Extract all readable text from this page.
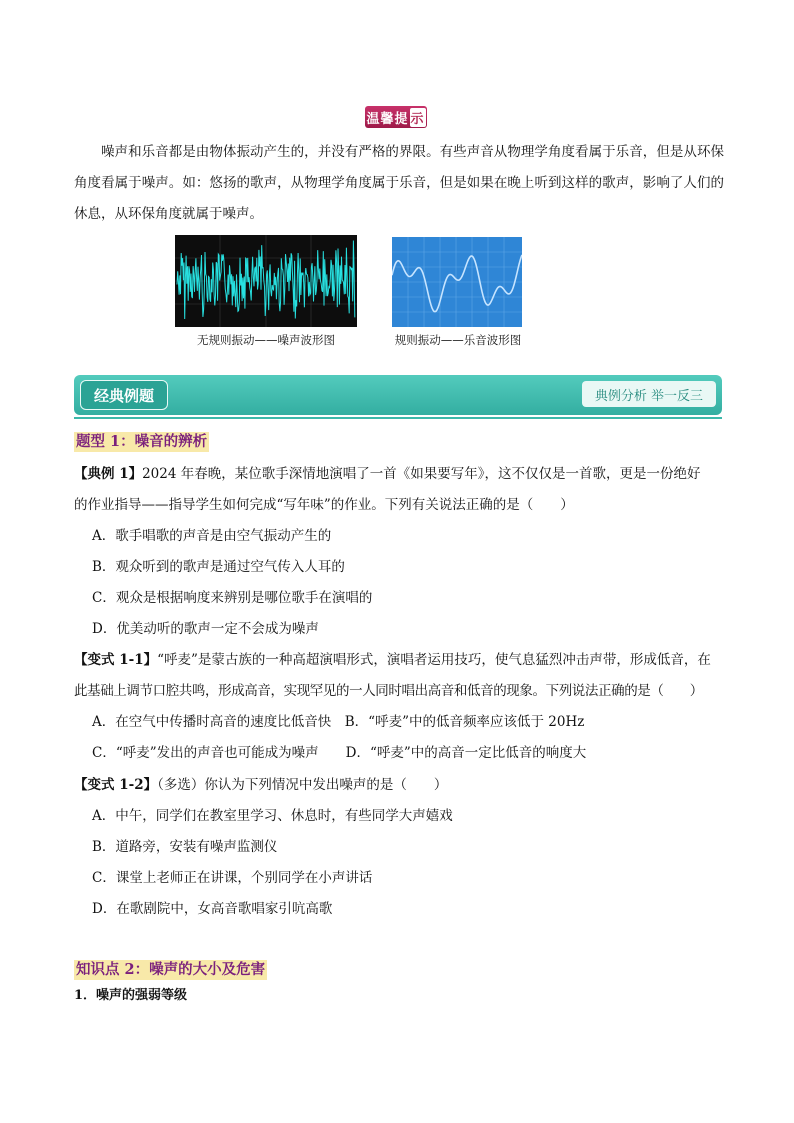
温馨提 示

噪声和乐音都是由物体振动产生的，并没有严格的界限。有些声音从物理学角度看属于乐音，但是从环保角度看属于噪声。如：悠扬的歌声，从物理学角度属于乐音，但是如果在晚上听到这样的歌声，影响了人们的休息，从环保角度就属于噪声。

无规则振动——噪声波形图	规则振动——乐音波形图
经典例题	典例分析 举一反三
题型 1：噪音的辨析
【典例 1】2024 年春晚，某位歌手深情地演唱了一首《如果要写年》，这不仅仅是一首歌，更是一份绝好
的作业指导——指导学生如何完成“写年味”的作业。下列有关说法正确的是（　　）
A．歌手唱歌的声音是由空气振动产生的
B．观众听到的歌声是通过空气传入人耳的
C．观众是根据响度来辨别是哪位歌手在演唱的
D．优美动听的歌声一定不会成为噪声
【变式 1-1】“呼麦”是蒙古族的一种高超演唱形式，演唱者运用技巧，使气息猛烈冲击声带，形成低音，在
此基础上调节口腔共鸣，形成高音，实现罕见的一人同时唱出高音和低音的现象。下列说法正确的是（　　）
A．在空气中传播时高音的速度比低音快　B．“呼麦”中的低音频率应该低于 20Hz
C．“呼麦”发出的声音也可能成为噪声　　D．“呼麦”中的高音一定比低音的响度大
【变式 1-2】（多选）你认为下列情况中发出噪声的是（　　）
A．中午，同学们在教室里学习、休息时，有些同学大声嬉戏
B．道路旁，安装有噪声监测仪
C．课堂上老师正在讲课，个别同学在小声讲话
D．在歌剧院中，女高音歌唱家引吭高歌
知识点 2：噪声的大小及危害
1．噪声的强弱等级
